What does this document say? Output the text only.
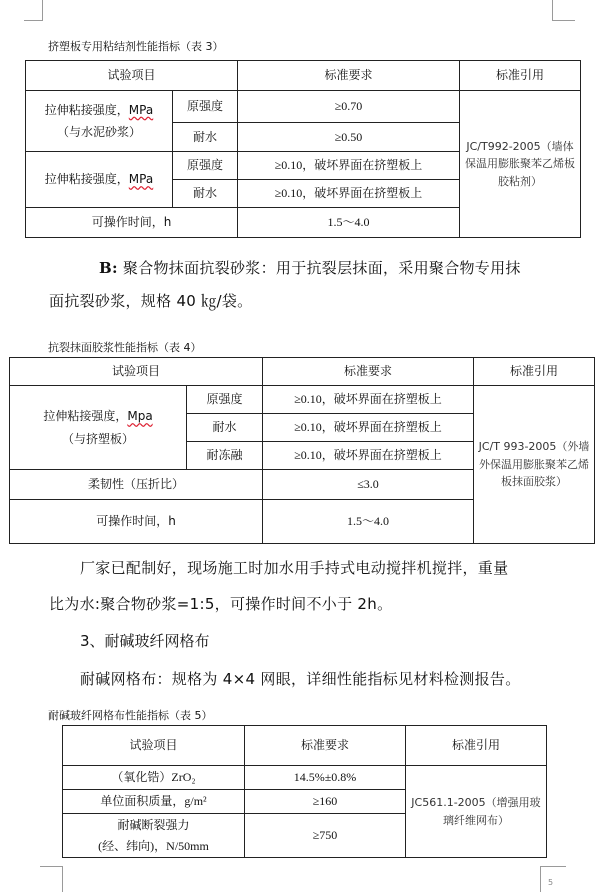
挤塑板专用粘结剂性能指标（表 3）
试验项目		标准要求	标准引用

拉伸粘接强度，MPa
（与水泥砂浆）	原强度	≥0.70	JC/T992-2005（墙体保温用膨胀聚苯乙烯板胶粘剂）
	耐水	≥0.50	
拉伸粘接强度，MPa	原强度	≥0.10，破坏界面在挤塑板上	
	耐水	≥0.10，破坏界面在挤塑板上	
可操作时间，h		1.5～4.0	
B: 聚合物抹面抗裂砂浆：用于抗裂层抹面，采用聚合物专用抹
面抗裂砂浆，规格 40 ㎏/袋。
抗裂抹面胶浆性能指标（表 4）
试验项目		标准要求	标准引用

拉伸粘接强度，Mpa
（与挤塑板）	原强度	≥0.10，破坏界面在挤塑板上	JC/T 993-2005（外墙外保温用膨胀聚苯乙烯板抹面胶浆）
	耐水	≥0.10，破坏界面在挤塑板上	
	耐冻融	≥0.10，破坏界面在挤塑板上	
柔韧性（压折比）		≤3.0	
可操作时间，h		1.5～4.0	
厂家已配制好，现场施工时加水用手持式电动搅拌机搅拌，重量
比为水:聚合物砂浆=1:5，可操作时间不小于 2h。
3、耐碱玻纤网格布
耐碱网格布：规格为 4×4 网眼，详细性能指标见材料检测报告。
耐碱玻纤网格布性能指标（表 5）
试验项目	标准要求	标准引用
（氧化锆）ZrO₂	14.5%±0.8%	JC561.1-2005（增强用玻璃纤维网布）
单位面积质量，g/m²	≥160	

耐碱断裂强力
(经、纬向)，N/50mm	≥750	
5
